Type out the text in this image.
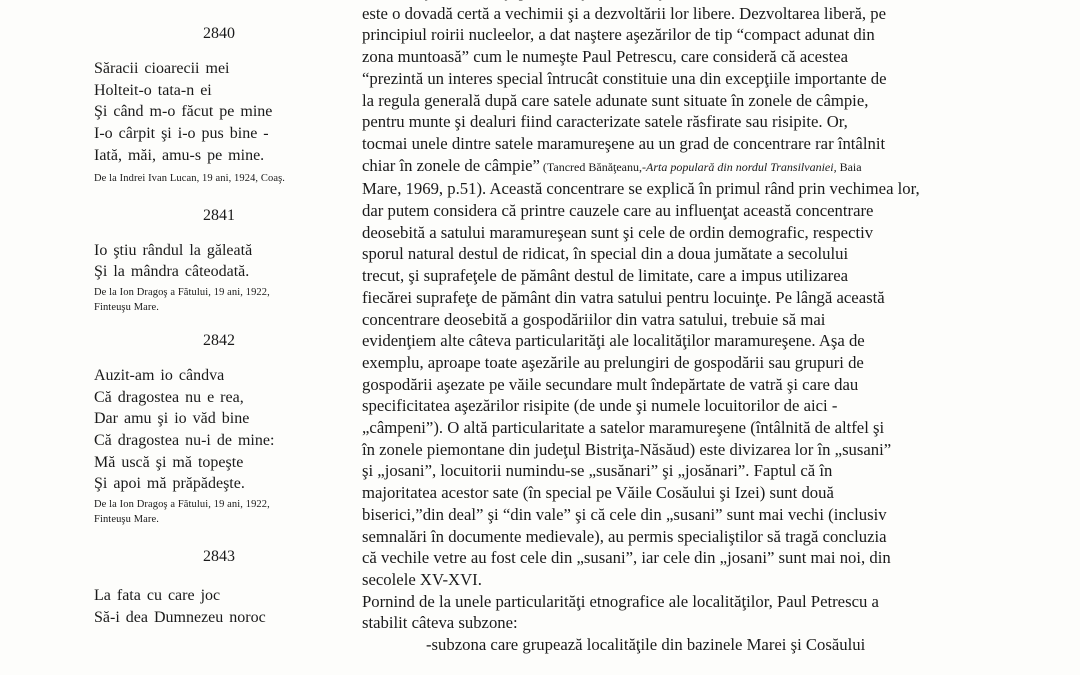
2840

Săracii cioarecii mei

Holteit-o tata-n ei

Şi când m-o făcut pe mine

I-o cârpit şi i-o pus bine -

Iată, măi, amu-s pe mine.

De la Indrei Ivan Lucan, 19 ani, 1924, Coaş.

2841

Io ştiu rândul la găleată

Şi la mândra câteodată.

De la Ion Dragoş a Fătului, 19 ani, 1922,

Finteuşu Mare.

2842

Auzit-am io cândva

Că dragostea nu e rea,

Dar amu şi io văd bine

Că dragostea nu-i de mine:

Mă uscă şi mă topeşte

Şi apoi mă prăpădeşte.

De la Ion Dragoş a Fătului, 19 ani, 1922,

Finteuşu Mare.

2843

La fata cu care joc

Să-i dea Dumnezeu noroc

este o dovadă certă a vechimii şi a dezvoltării lor libere. Dezvoltarea liberă, pe

principiul roirii nucleelor, a dat naştere aşezărilor de tip “compact adunat din

zona muntoasă” cum le numeşte Paul Petrescu, care consideră că acestea

“prezintă un interes special întrucât constituie una din excepţiile importante de

la regula generală după care satele adunate sunt situate în zonele de câmpie,

pentru munte şi dealuri fiind caracterizate satele răsfirate sau risipite. Or,

tocmai unele dintre satele maramureşene au un grad de concentrare rar întâlnit

chiar în zonele de câmpie” (Tancred Bănăţeanu,-Arta populară din nordul Transilvaniei, Baia

Mare, 1969, p.51). Această concentrare se explică în primul rând prin vechimea lor,

dar putem considera că printre cauzele care au influenţat această concentrare

deosebită a satului maramureşean sunt şi cele de ordin demografic, respectiv

sporul natural destul de ridicat, în special din a doua jumătate a secolului

trecut, şi suprafeţele de pământ destul de limitate, care a impus utilizarea

fiecărei suprafeţe de pământ din vatra satului pentru locuinţe. Pe lângă această

concentrare deosebită a gospodăriilor din vatra satului, trebuie să mai

evidenţiem alte câteva particularităţi ale localităţilor maramureşene. Aşa de

exemplu, aproape toate aşezările au prelungiri de gospodării sau grupuri de

gospodării aşezate pe văile secundare mult îndepărtate de vatră şi care dau

specificitatea aşezărilor risipite (de unde şi numele locuitorilor de aici -

„câmpeni”). O altă particularitate a satelor maramureşene (întâlnită de altfel şi

în zonele piemontane din judeţul Bistriţa-Năsăud) este divizarea lor în „susani”

şi „josani”, locuitorii numindu-se „susănari” şi „josănari”. Faptul că în

majoritatea acestor sate (în special pe Văile Cosăului şi Izei) sunt două

biserici,”din deal” şi “din vale” şi că cele din „susani” sunt mai vechi (inclusiv

semnalări în documente medievale), au permis specialiştilor să tragă concluzia

că vechile vetre au fost cele din „susani”, iar cele din „josani” sunt mai noi, din

secolele XV-XVI.

Pornind de la unele particularităţi etnografice ale localităţilor, Paul Petrescu a

stabilit câteva subzone:

-subzona care grupează localităţile din bazinele Marei şi Cosăului
